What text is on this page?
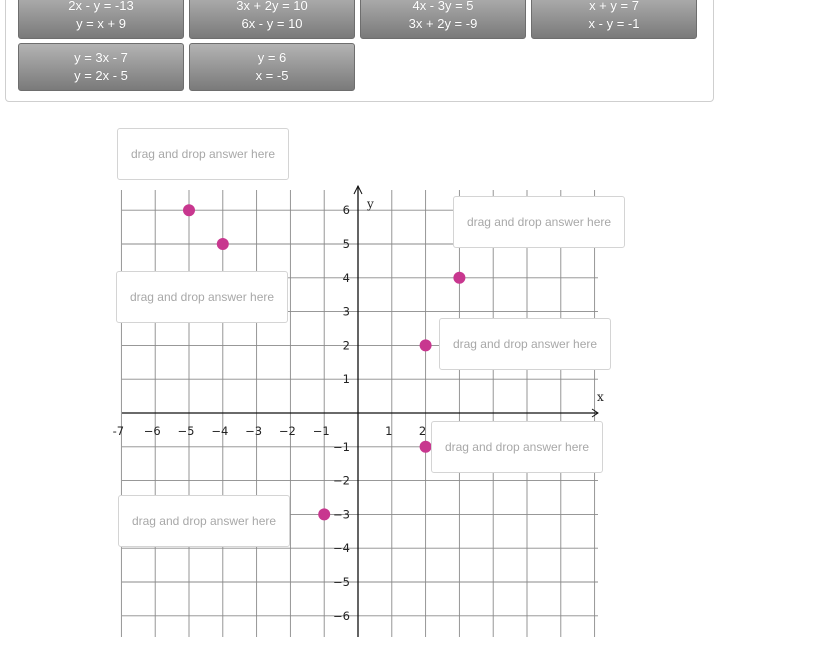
2x - y = -13
y = x + 9
3x + 2y = 10
6x - y = 10
4x - 3y = 5
3x + 2y = -9
x + y = 7
x - y = -1
y = 3x - 7
y = 2x - 5
y = 6
x = -5
-7 −6 −5 −4 −3 −2 −1	1 2
6
5
4
3
2
1
−1
−2
−3
−4
−5
−6
x
y
drag and drop answer here
drag and drop answer here
drag and drop answer here
drag and drop answer here
drag and drop answer here
drag and drop answer here
